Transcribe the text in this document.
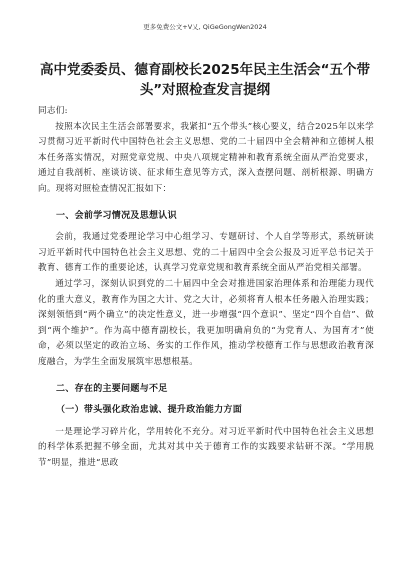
更多免费公文+V乂, QiGeGongWen2024
高中党委委员、德育副校长2025年民主生活会“五个带
头”对照检查发言提纲

同志们:

按照本次民主生活会部署要求，我紧扣“五个带头”核心要义，结合2025年以来学习贯彻习近平新时代中国特色社会主义思想、党的二十届四中全会精神和立德树人根本任务落实情况，对照党章党规、中央八项规定精神和教育系统全面从严治党要求，通过自我剖析、座谈访谈、征求师生意见等方式，深入查摆问题、剖析根源、明确方向。现将对照检查情况汇报如下：

一、会前学习情况及思想认识

会前，我通过党委理论学习中心组学习、专题研讨、个人自学等形式，系统研读习近平新时代中国特色社会主义思想、党的二十届四中全会公报及习近平总书记关于教育、德育工作的重要论述，认真学习党章党规和教育系统全面从严治党相关部署。

通过学习，深刻认识到党的二十届四中全会对推进国家治理体系和治理能力现代化的重大意义，教育作为国之大计、党之大计，必须将育人根本任务融入治理实践；深刻领悟到“两个确立”的决定性意义，进一步增强“四个意识”、坚定“四个自信”、做到“两个维护”。作为高中德育副校长，我更加明确肩负的“为党育人、为国育才”使命，必须以坚定的政治立场、务实的工作作风，推动学校德育工作与思想政治教育深度融合，为学生全面发展筑牢思想根基。

二、存在的主要问题与不足

（一）带头强化政治忠诚、提升政治能力方面

一是理论学习碎片化，学用转化不充分。对习近平新时代中国特色社会主义思想的科学体系把握不够全面，尤其对其中关于德育工作的实践要求钻研不深。“学用脱节”明显，推进“思政
